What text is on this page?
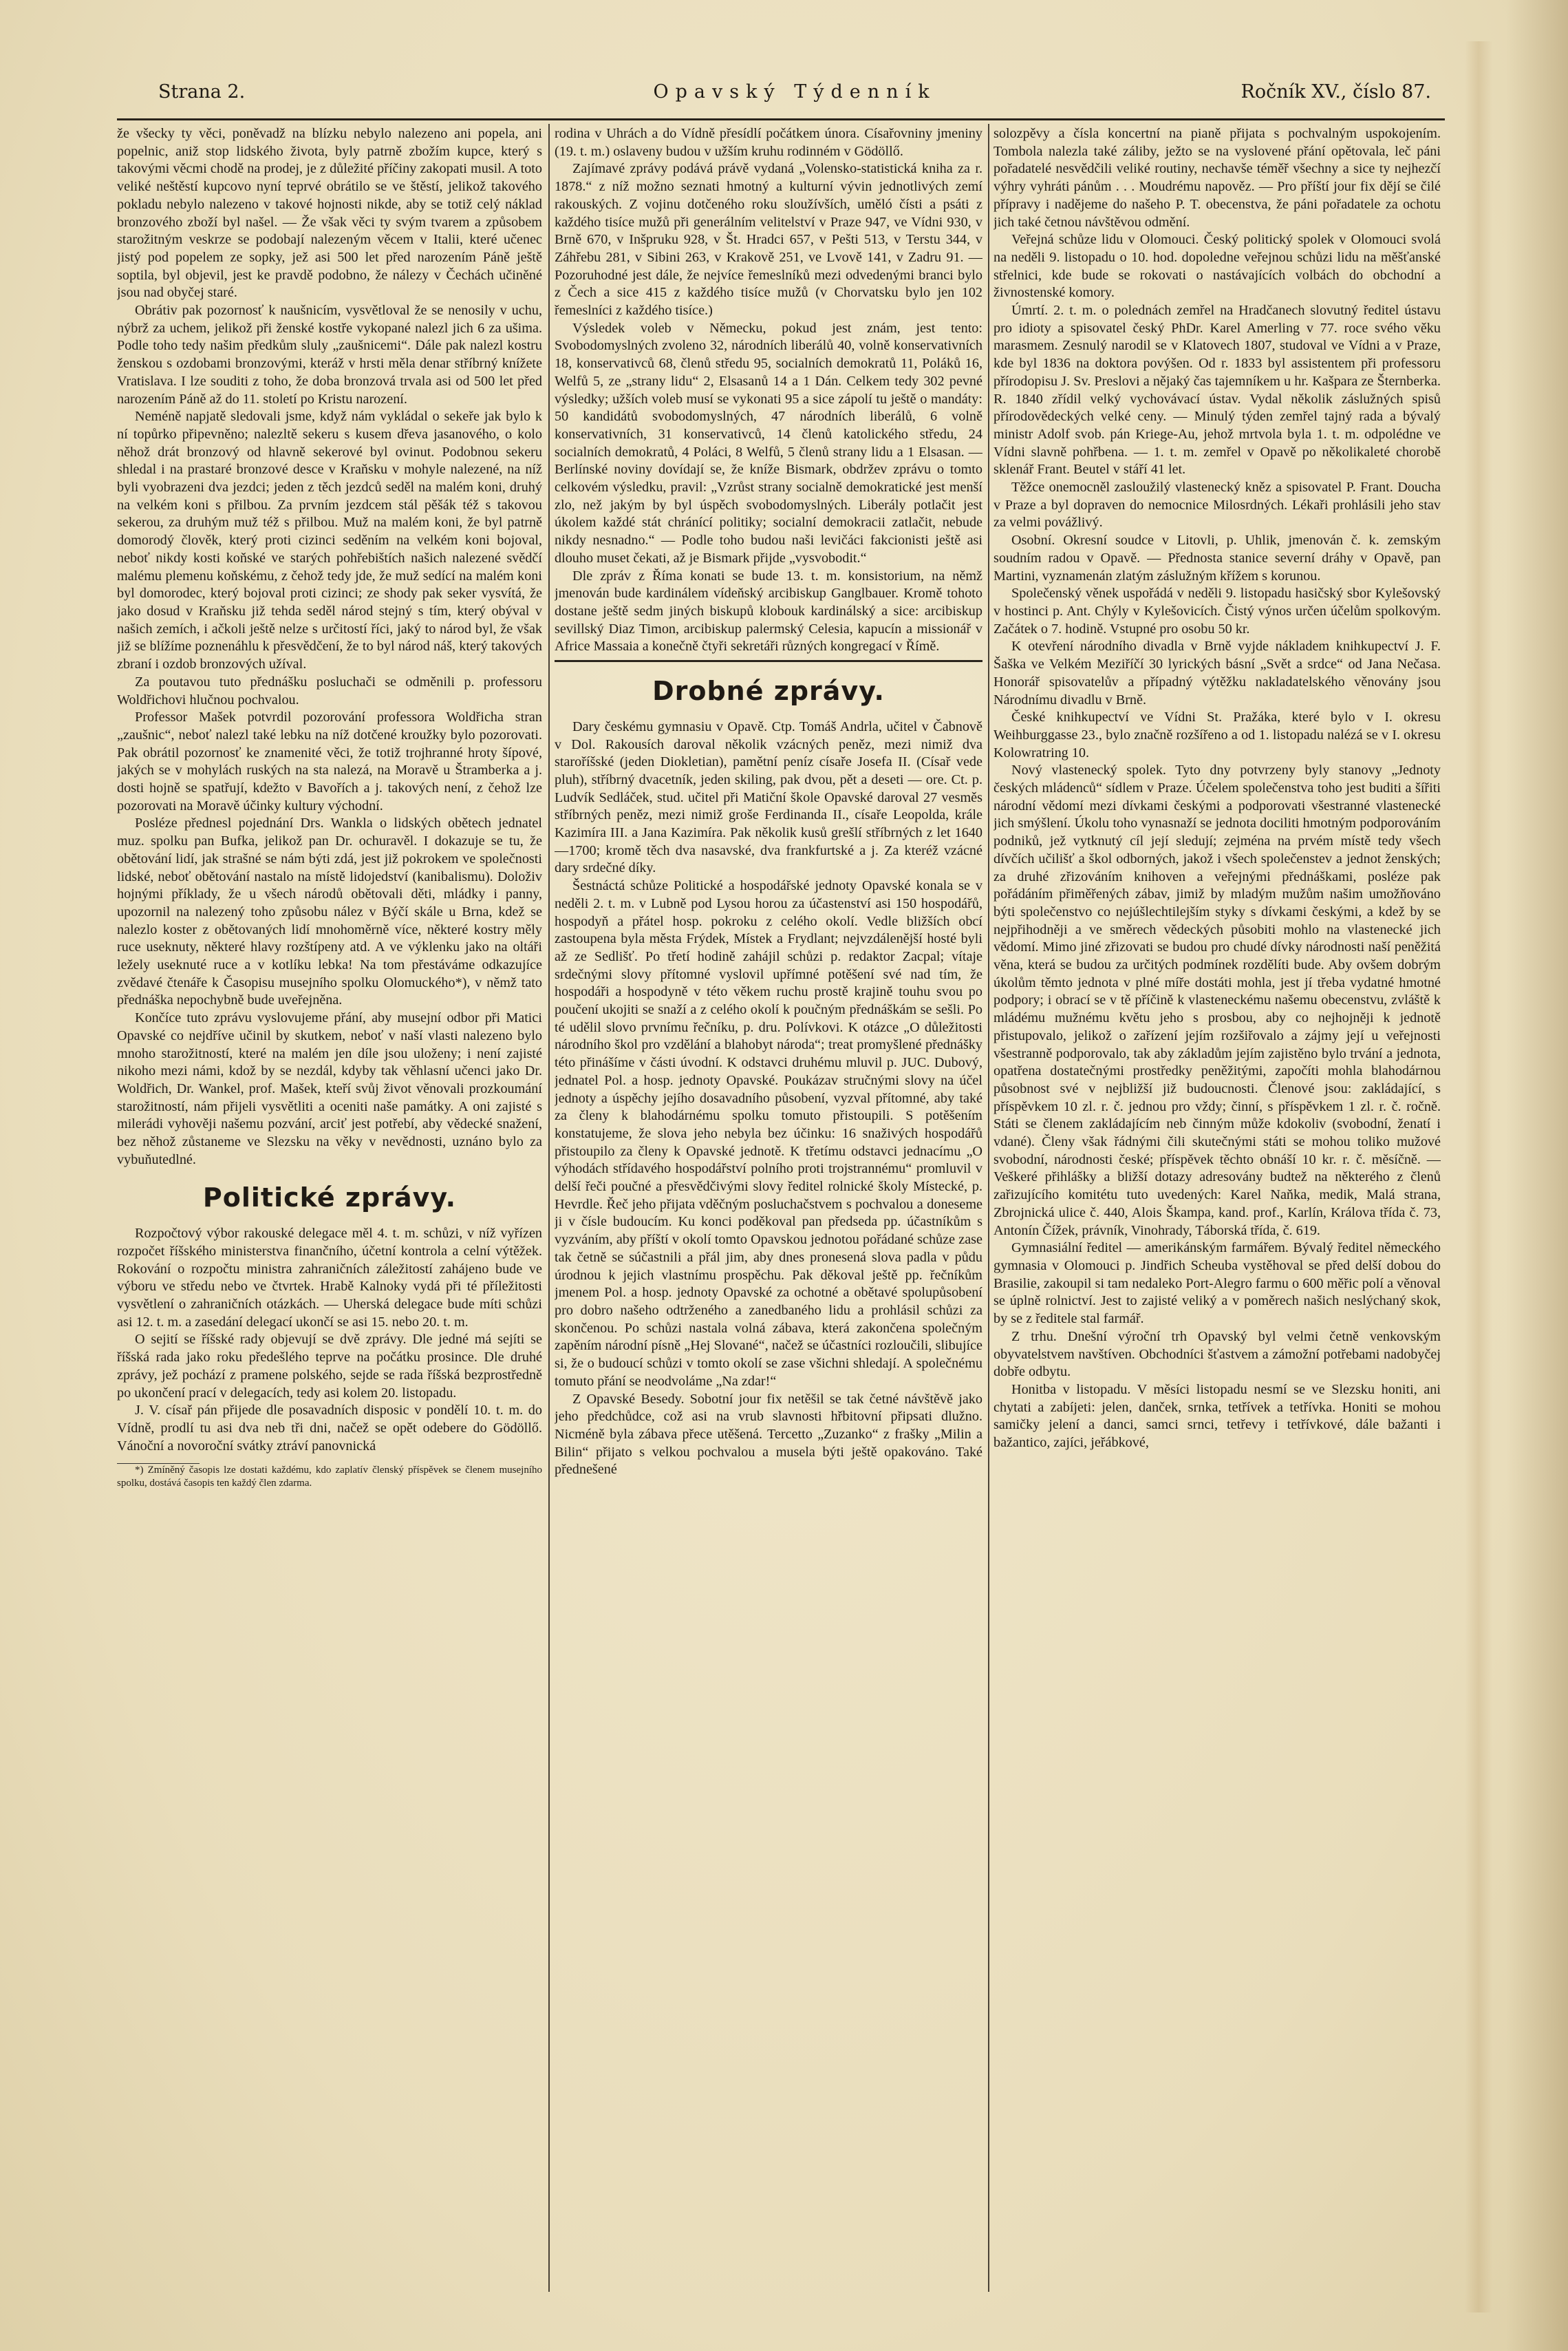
Strana 2.	Opavský Týdenník	Ročník XV., číslo 87.

že všecky ty věci, poněvadž na blízku nebylo nalezeno ani popela, ani popelnic, aniž stop lidského života, byly patrně zbožím kupce, který s takovými věcmi chodě na prodej, je z důležité příčiny zakopati musil. A toto veliké neštěstí kupcovo nyní teprvé obrátilo se ve štěstí, jelikož takového pokladu nebylo nalezeno v takové hojnosti nikde, aby se totiž celý náklad bronzového zboží byl našel. — Že však věci ty svým tvarem a způsobem starožitným veskrze se podobají nalezeným věcem v Italii, které učenec jistý pod popelem ze sopky, jež asi 500 let před narozením Páně ještě soptila, byl objevil, jest ke pravdě podobno, že nálezy v Čechách učiněné jsou nad obyčej staré.

Obrátiv pak pozornosť k naušnicím, vysvětloval že se nenosily v uchu, nýbrž za uchem, jelikož při ženské kostře vykopané nalezl jich 6 za ušima. Podle toho tedy našim předkům sluly „zaušnicemi“. Dále pak nalezl kostru ženskou s ozdobami bronzovými, kteráž v hrsti měla denar stříbrný knížete Vratislava. I lze souditi z toho, že doba bronzová trvala asi od 500 let před narozením Páně až do 11. století po Kristu narození.

Neméně napjatě sledovali jsme, když nám vykládal o sekeře jak bylo k ní topůrko připevněno; nalezltě sekeru s kusem dřeva jasanového, o kolo něhož drát bronzový od hlavně sekerové byl ovinut. Podobnou sekeru shledal i na prastaré bronzové desce v Kraňsku v mohyle nalezené, na níž byli vyobrazeni dva jezdci; jeden z těch jezdců seděl na malém koni, druhý na velkém koni s přilbou. Za prvním jezdcem stál pěšák též s takovou sekerou, za druhým muž též s přilbou. Muž na malém koni, že byl patrně domorodý člověk, který proti cizinci seděním na velkém koni bojoval, neboť nikdy kosti koňské ve starých pohřebištích našich nalezené svědčí malému plemenu koňskému, z čehož tedy jde, že muž sedící na malém koni byl domorodec, který bojoval proti cizinci; ze shody pak seker vysvítá, že jako dosud v Kraňsku již tehda seděl národ stejný s tím, který obýval v našich zemích, i ačkoli ještě nelze s určitostí říci, jaký to národ byl, že však již se blížíme poznenáhlu k přesvědčení, že to byl národ náš, který takových zbraní i ozdob bronzových užíval.

Za poutavou tuto přednášku posluchači se odměnili p. professoru Woldřichovi hlučnou pochvalou.

Professor Mašek potvrdil pozorování professora Woldřicha stran „zaušnic“, neboť nalezl také lebku na níž dotčené kroužky bylo pozorovati. Pak obrátil pozornosť ke znamenité věci, že totiž trojhranné hroty šípové, jakých se v mohylách ruských na sta nalezá, na Moravě u Štramberka a j. dosti hojně se spatřují, kdežto v Bavořích a j. takových není, z čehož lze pozorovati na Moravě účinky kultury východní.

Posléze přednesl pojednání Drs. Wankla o lidských obětech jednatel muz. spolku pan Bufka, jelikož pan Dr. ochuravěl. I dokazuje se tu, že obětování lidí, jak strašné se nám býti zdá, jest již pokrokem ve společnosti lidské, neboť obětování nastalo na místě lidojedství (kanibalismu). Doloživ hojnými příklady, že u všech národů obětovali děti, mládky i panny, upozornil na nalezený toho způsobu nález v Býčí skále u Brna, kdež se nalezlo koster z obětovaných lidí mnohoměrně více, některé kostry měly ruce useknuty, některé hlavy rozštípeny atd. A ve výklenku jako na oltáři ležely useknuté ruce a v kotlíku lebka! Na tom přestáváme odkazujíce zvědavé čtenáře k Časopisu musejního spolku Olomuckého*), v němž tato přednáška nepochybně bude uveřejněna.

Končíce tuto zprávu vyslovujeme přání, aby musejní odbor při Matici Opavské co nejdříve učinil by skutkem, neboť v naší vlasti nalezeno bylo mnoho starožitností, které na malém jen díle jsou uloženy; i není zajisté nikoho mezi námi, kdož by se nezdál, kdyby tak věhlasní učenci jako Dr. Woldřich, Dr. Wankel, prof. Mašek, kteří svůj život věnovali prozkoumání starožitností, nám přijeli vysvětliti a oceniti naše památky. A oni zajisté s milerádi vyhověji našemu pozvání, arciť jest potřebí, aby vědecké snažení, bez něhož zůstaneme ve Slezsku na věky v nevědnosti, uznáno bylo za vybuňutedlné.

Politické zprávy.

Rozpočtový výbor rakouské delegace měl 4. t. m. schůzi, v níž vyřízen rozpočet říšského ministerstva finančního, účetní kontrola a celní výtěžek. Rokování o rozpočtu ministra zahraničních záležitostí zahájeno bude ve výboru ve středu nebo ve čtvrtek. Hrabě Kalnoky vydá při té příležitosti vysvětlení o zahraničních otázkách. — Uherská delegace bude míti schůzi asi 12. t. m. a zasedání delegací ukončí se asi 15. nebo 20. t. m.

O sejití se říšské rady objevují se dvě zprávy. Dle jedné má sejíti se říšská rada jako roku předešlého teprve na počátku prosince. Dle druhé zprávy, jež pochází z pramene polského, sejde se rada říšská bezprostředně po ukončení prací v delegacích, tedy asi kolem 20. listopadu.

J. V. císař pán přijede dle posavadních disposic v pondělí 10. t. m. do Vídně, prodlí tu asi dva neb tři dni, načež se opět odebere do Gödöllő. Vánoční a novoroční svátky ztráví panovnická

*) Zmíněný časopis lze dostati každému, kdo zaplatív členský příspěvek se členem musejního spolku, dostává časopis ten každý člen zdarma.

rodina v Uhrách a do Vídně přesídlí počátkem února. Císařovniny jmeniny (19. t. m.) oslaveny budou v užším kruhu rodinném v Gödöllő.

Zajímavé zprávy podává právě vydaná „Volensko-statistická kniha za r. 1878.“ z níž možno seznati hmotný a kulturní vývin jednotlivých zemí rakouských. Z vojinu dotčeného roku sloužívších, uměló čísti a psáti z každého tisíce mužů při generálním velitelství v Praze 947, ve Vídni 930, v Brně 670, v Inšpruku 928, v Št. Hradci 657, v Pešti 513, v Terstu 344, v Záhřebu 281, v Sibini 263, v Krakově 251, ve Lvově 141, v Zadru 91. — Pozoruhodné jest dále, že nejvíce řemeslníků mezi odvedenými branci bylo z Čech a sice 415 z každého tisíce mužů (v Chorvatsku bylo jen 102 řemeslníci z každého tisíce.)

Výsledek voleb v Německu, pokud jest znám, jest tento: Svobodomyslných zvoleno 32, národních liberálů 40, volně konservativních 18, konservativců 68, členů středu 95, socialních demokratů 11, Poláků 16, Welfů 5, ze „strany lidu“ 2, Elsasanů 14 a 1 Dán. Celkem tedy 302 pevné výsledky; užších voleb musí se vykonati 95 a sice zápolí tu ještě o mandáty: 50 kandidátů svobodomyslných, 47 národních liberálů, 6 volně konservativních, 31 konservativců, 14 členů katolického středu, 24 socialních demokratů, 4 Poláci, 8 Welfů, 5 členů strany lidu a 1 Elsasan. — Berlínské noviny dovídají se, že kníže Bismark, obdržev zprávu o tomto celkovém výsledku, pravil: „Vzrůst strany socialně demokratické jest menší zlo, než jakým by byl úspěch svobodomyslných. Liberály potlačit jest úkolem každé stát chránící politiky; socialní demokracii zatlačit, nebude nikdy nesnadno.“ — Podle toho budou naši levičáci fakcionisti ještě asi dlouho muset čekati, až je Bismark přijde „vysvobodit.“

Dle zpráv z Říma konati se bude 13. t. m. konsistorium, na němž jmenován bude kardinálem vídeňský arcibiskup Ganglbauer. Kromě tohoto dostane ještě sedm jiných biskupů klobouk kardinálský a sice: arcibiskup sevillský Diaz Timon, arcibiskup palermský Celesia, kapucín a missionář v Africe Massaia a konečně čtyři sekretáři různých kongregací v Římě.

Drobné zprávy.

Dary českému gymnasiu v Opavě. Ctp. Tomáš Andrla, učitel v Čabnově v Dol. Rakousích daroval několik vzácných peněz, mezi nimiž dva staroříšské (jeden Diokletian), pamětní peníz císaře Josefa II. (Císař vede pluh), stříbrný dvacetník, jeden skiling, pak dvou, pět a deseti — ore. Ct. p. Ludvík Sedláček, stud. učitel při Matiční škole Opavské daroval 27 vesměs stříbrných peněz, mezi nimiž groše Ferdinanda II., císaře Leopolda, krále Kazimíra III. a Jana Kazimíra. Pak několik kusů grešlí stříbrných z let 1640—1700; kromě těch dva nasavské, dva frankfurtské a j. Za kteréž vzácné dary srdečné díky.

Šestnáctá schůze Politické a hospodářské jednoty Opavské konala se v neděli 2. t. m. v Lubně pod Lysou horou za účastenství asi 150 hospodářů, hospodyň a přátel hosp. pokroku z celého okolí. Vedle bližších obcí zastoupena byla města Frýdek, Místek a Frydlant; nejvzdálenější hosté byli až ze Sedlišť. Po třetí hodině zahájil schůzi p. redaktor Zacpal; vítaje srdečnými slovy přítomné vyslovil upřímné potěšení své nad tím, že hospodáři a hospodyně v této věkem ruchu prostě krajině touhu svou po poučení ukojiti se snaží a z celého okolí k poučným přednáškám se sešli. Po té udělil slovo prvnímu řečníku, p. dru. Polívkovi. K otázce „O důležitosti národního škol pro vzdělání a blahobyt národa“; treat promyšlené přednášky této přinášíme v části úvodní. K odstavci druhému mluvil p. JUC. Dubový, jednatel Pol. a hosp. jednoty Opavské. Poukázav stručnými slovy na účel jednoty a úspěchy jejího dosavadního působení, vyzval přítomné, aby také za členy k blahodárnému spolku tomuto přistoupili. S potěšením konstatujeme, že slova jeho nebyla bez účinku: 16 snaživých hospodářů přistoupilo za členy k Opavské jednotě. K třetímu odstavci jednacímu „O výhodách střídavého hospodářství polního proti trojstrannému“ promluvil v delší řeči poučné a přesvědčivými slovy ředitel rolnické školy Místecké, p. Hevrdle. Řeč jeho přijata vděčným posluchačstvem s pochvalou a doneseme ji v čísle budoucím. Ku konci poděkoval pan předseda pp. účastníkům s vyzváním, aby příští v okolí tomto Opavskou jednotou pořádané schůze zase tak četně se súčastnili a přál jim, aby dnes pronesená slova padla v půdu úrodnou k jejich vlastnímu prospěchu. Pak děkoval ještě pp. řečníkům jmenem Pol. a hosp. jednoty Opavské za ochotné a obětavé spolupůsobení pro dobro našeho odtrženého a zanedbaného lidu a prohlásil schůzi za skončenou. Po schůzi nastala volná zábava, která zakončena společným zapěním národní písně „Hej Slované“, načež se účastníci rozloučili, slibujíce si, že o budoucí schůzi v tomto okolí se zase všichni shledají. A společnému tomuto přání se neodvoláme „Na zdar!“

Z Opavské Besedy. Sobotní jour fix netěšil se tak četné návštěvě jako jeho předchůdce, což asi na vrub slavnosti hřbitovní připsati dlužno. Nicméně byla zábava přece utěšená. Tercetto „Zuzanko“ z frašky „Milin a Bilin“ přijato s velkou pochvalou a musela býti ještě opakováno. Také přednešené

solozpěvy a čísla koncertní na pianě přijata s pochvalným uspokojením. Tombola nalezla také záliby, ježto se na vyslovené přání opětovala, leč páni pořadatelé nesvědčili veliké routiny, nechavše téměř všechny a sice ty nejhezčí výhry vyhráti pánům . . . Moudrému napověz. — Pro příští jour fix dějí se čilé přípravy i nadějeme do našeho P. T. obecenstva, že páni pořadatele za ochotu jich také četnou návštěvou odmění.

Veřejná schůze lidu v Olomouci. Český politický spolek v Olomouci svolá na neděli 9. listopadu o 10. hod. dopoledne veřejnou schůzi lidu na měšťanské střelnici, kde bude se rokovati o nastávajících volbách do obchodní a živnostenské komory.

Úmrtí. 2. t. m. o polednách zemřel na Hradčanech slovutný ředitel ústavu pro idioty a spisovatel český PhDr. Karel Amerling v 77. roce svého věku marasmem. Zesnulý narodil se v Klatovech 1807, studoval ve Vídni a v Praze, kde byl 1836 na doktora povýšen. Od r. 1833 byl assistentem při professoru přírodopisu J. Sv. Preslovi a nějaký čas tajemníkem u hr. Kašpara ze Šternberka. R. 1840 zřídil velký vychovávací ústav. Vydal několik záslužných spisů přírodovědeckých velké ceny. — Minulý týden zemřel tajný rada a bývalý ministr Adolf svob. pán Kriege-Au, jehož mrtvola byla 1. t. m. odpolédne ve Vídni slavně pohřbena. — 1. t. m. zemřel v Opavě po několikaleté chorobě sklenář Frant. Beutel v stáří 41 let.

Těžce onemocněl zasloužilý vlastenecký kněz a spisovatel P. Frant. Doucha v Praze a byl dopraven do nemocnice Milosrdných. Lékaři prohlásili jeho stav za velmi povážlivý.

Osobní. Okresní soudce v Litovli, p. Uhlik, jmenován č. k. zemským soudním radou v Opavě. — Přednosta stanice severní dráhy v Opavě, pan Martini, vyznamenán zlatým záslužným křížem s korunou.

Společenský věnek uspořádá v neděli 9. listopadu hasičský sbor Kylešovský v hostinci p. Ant. Chýly v Kylešovicích. Čistý výnos určen účelům spolkovým. Začátek o 7. hodině. Vstupné pro osobu 50 kr.

K otevření národního divadla v Brně vyjde nákladem knihkupectví J. F. Šaška ve Velkém Meziříčí 30 lyrických básní „Svět a srdce“ od Jana Nečasa. Honorář spisovatelův a případný výtěžku nakladatelského věnovány jsou Národnímu divadlu v Brně.

České knihkupectví ve Vídni St. Pražáka, které bylo v I. okresu Weihburggasse 23., bylo značně rozšířeno a od 1. listopadu nalézá se v I. okresu Kolowratring 10.

Nový vlastenecký spolek. Tyto dny potvrzeny byly stanovy „Jednoty českých mládenců“ sídlem v Praze. Účelem společenstva toho jest buditi a šířiti národní vědomí mezi dívkami českými a podporovati všestranné vlastenecké jich smýšlení. Úkolu toho vynasnaží se jednota dociliti hmotným podporováním podniků, jež vytknutý cíl její sledují; zejména na prvém místě tedy všech dívčích učilišť a škol odborných, jakož i všech společenstev a jednot ženských; za druhé zřizováním knihoven a veřejnými přednáškami, posléze pak pořádáním přiměřených zábav, jimiž by mladým mužům našim umožňováno býti společenstvo co nejúšlechtilejším styky s dívkami českými, a kdež by se nejpřihodněji a ve směrech vědeckých působiti mohlo na vlastenecké jich vědomí. Mimo jiné zřizovati se budou pro chudé dívky národnosti naší peněžitá věna, která se budou za určitých podmínek rozdělíti bude. Aby ovšem dobrým úkolům těmto jednota v plné míře dostáti mohla, jest jí třeba vydatné hmotné podpory; i obrací se v tě příčině k vlasteneckému našemu obecenstvu, zvláště k mládému mužnému květu jeho s prosbou, aby co nejhojněji k jednotě přistupovalo, jelikož o zařízení jejím rozšiřovalo a zájmy její u veřejnosti všestranně podporovalo, tak aby základům jejím zajistěno bylo trvání a jednota, opatřena dostatečnými prostředky peněžitými, započíti mohla blahodárnou působnost své v nejbližší již budoucnosti. Členové jsou: zakládající, s příspěvkem 10 zl. r. č. jednou pro vždy; činní, s příspěvkem 1 zl. r. č. ročně. Státi se členem zakládajícím neb činným může kdokoliv (svobodní, ženatí i vdané). Členy však řádnými čili skutečnými státi se mohou toliko mužové svobodní, národnosti české; příspěvek těchto obnáší 10 kr. r. č. měsíčně. — Veškeré přihlášky a bližší dotazy adresovány budtež na některého z členů zařizujícího komitétu tuto uvedených: Karel Naňka, medik, Malá strana, Zbrojnická ulice č. 440, Alois Škampa, kand. prof., Karlín, Králova třída č. 73, Antonín Čížek, právník, Vinohrady, Táborská třída, č. 619.

Gymnasiální ředitel — amerikánským farmářem. Bývalý ředitel německého gymnasia v Olomouci p. Jindřich Scheuba vystěhoval se před delší dobou do Brasilie, zakoupil si tam nedaleko Port-Alegro farmu o 600 měřic polí a věnoval se úplně rolnictví. Jest to zajisté veliký a v poměrech našich neslýchaný skok, by se z ředitele stal farmář.

Z trhu. Dnešní výroční trh Opavský byl velmi četně venkovským obyvatelstvem navštíven. Obchodníci šťastvem a zámožní potřebami nadobyčej dobře odbytu.

Honitba v listopadu. V měsíci listopadu nesmí se ve Slezsku honiti, ani chytati a zabíjeti: jelen, danček, srnka, tetřívek a tetřívka. Honiti se mohou samičky jelení a danci, samci srnci, tetřevy i tetřívkové, dále bažanti i bažantico, zajíci, jeřábkové,
